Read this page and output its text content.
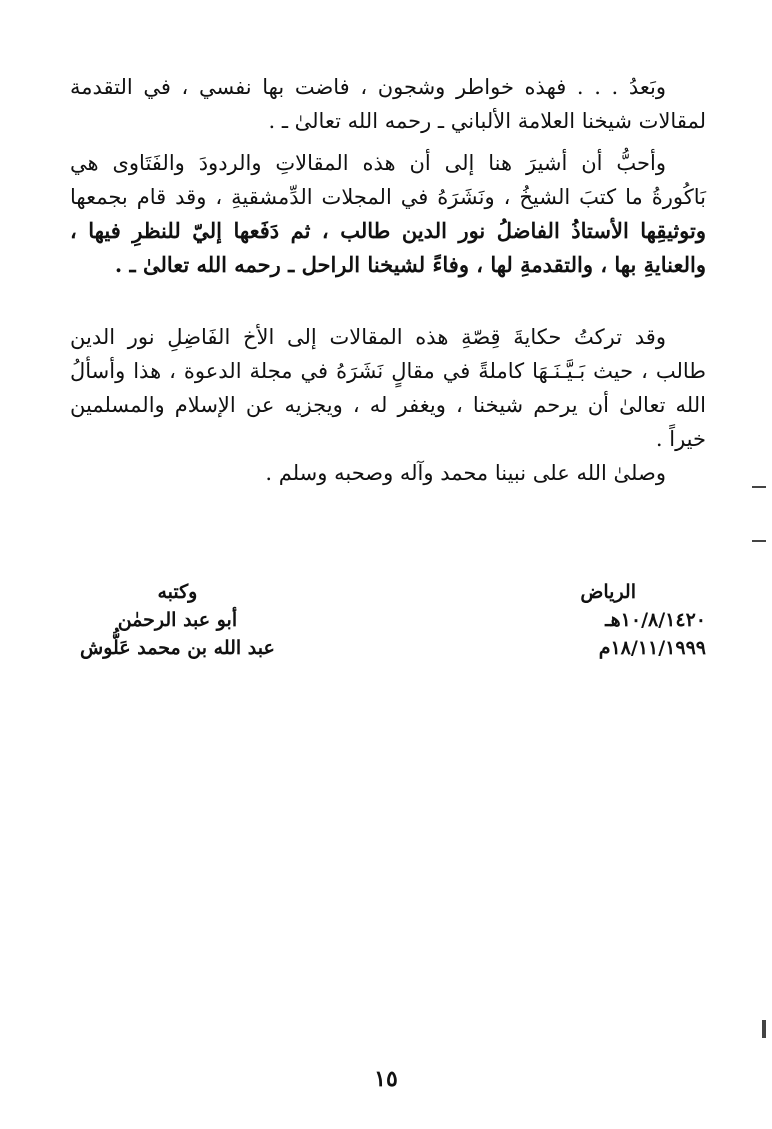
وبَعدُ . . . فهذه خواطر وشجون ، فاضت بها نفسي ، في التقدمة
لمقالات شيخنا العلامة الألباني ـ رحمه الله تعالىٰ ـ .
وأحبُّ أن أشيرَ هنا إلى أن هذه المقالاتِ والردودَ والفَتَاوى هي
بَاكُورةُ ما كتبَ الشيخُ ، ونَشَرَهُ في المجلات الدِّمشقيةِ ، وقد قام بجمعها
وتوثيقِها الأستاذُ الفاضلُ نور الدين طالب ، ثم دَفَعها إليّ للنظرِ فيها ،
والعنايةِ بها ، والتقدمةِ لها ، وفاءً لشيخنا الراحل ـ رحمه الله تعالىٰ ـ .
وقد تركتُ حكايةَ قِصّةِ هذه المقالات إلى الأخ الفَاضِلِ نور الدين
طالب ، حيث بَـيَّـنَـهَا كاملةً في مقالٍ نَشَرَهُ في مجلة الدعوة ، هذا وأسألُ
الله تعالىٰ أن يرحم شيخنا ، ويغفر له ، ويجزيه عن الإسلام والمسلمين
خيراً .
وصلىٰ الله على نبينا محمد وآله وصحبه وسلم .
الرياض
١٠/٨/١٤٢٠هـ
١٨/١١/١٩٩٩م
وكتبه
أبو عبد الرحمٰن
عبد الله بن محمد عَلُّوش
١٥
